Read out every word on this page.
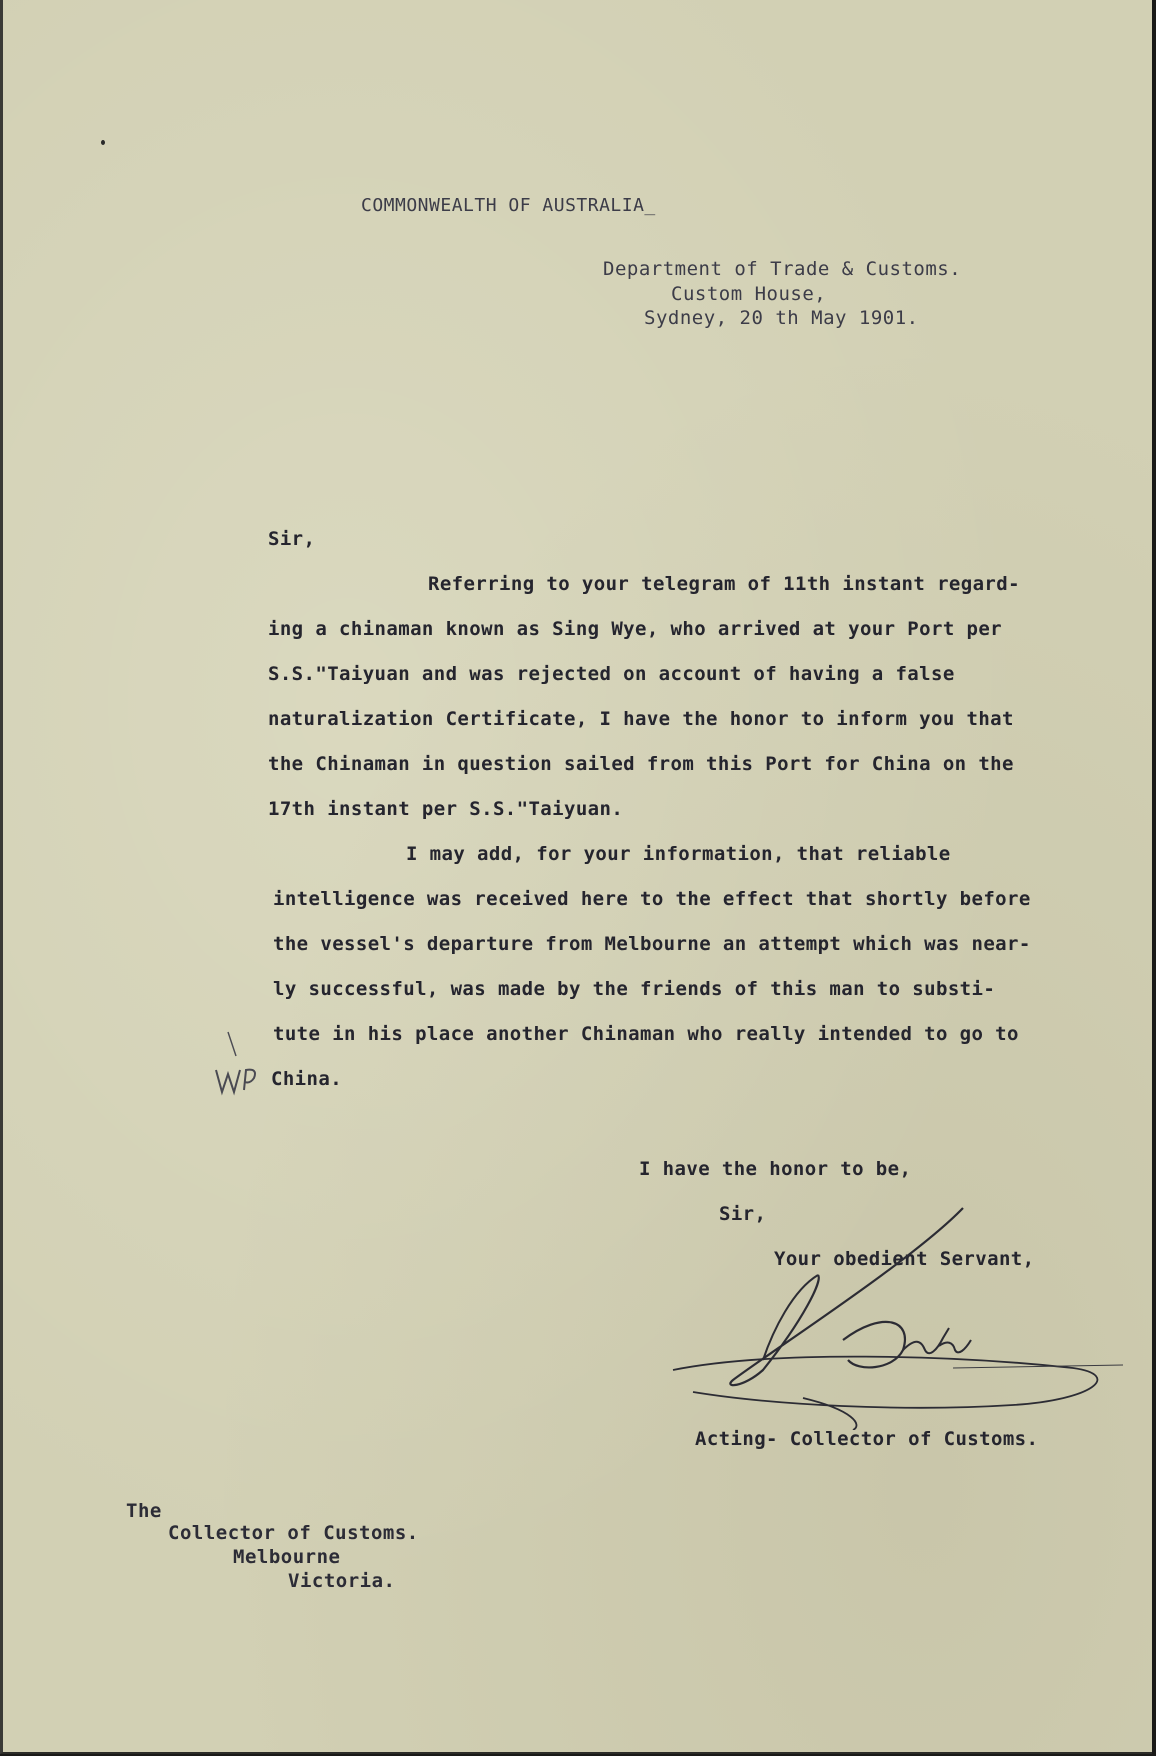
COMMONWEALTH OF AUSTRALIA_
Department of Trade & Customs.
Custom House,
Sydney, 20 th May 1901.
Sir,
Referring to your telegram of 11th instant regard-
ing a chinaman known as Sing Wye, who arrived at your Port per
S.S."Taiyuan and was rejected on account of having a false
naturalization Certificate, I have the honor to inform you that
the Chinaman in question sailed from this Port for China on the
17th instant per S.S."Taiyuan.
I may add, for your information, that reliable
intelligence was received here to the effect that shortly before
the vessel's departure from Melbourne an attempt which was near-
ly successful, was made by the friends of this man to substi-
tute in his place another Chinaman who really intended to go to
China.
I have the honor to be,
Sir,
Your obedient Servant,
Acting- Collector of Customs.
The
Collector of Customs.
Melbourne
Victoria.
